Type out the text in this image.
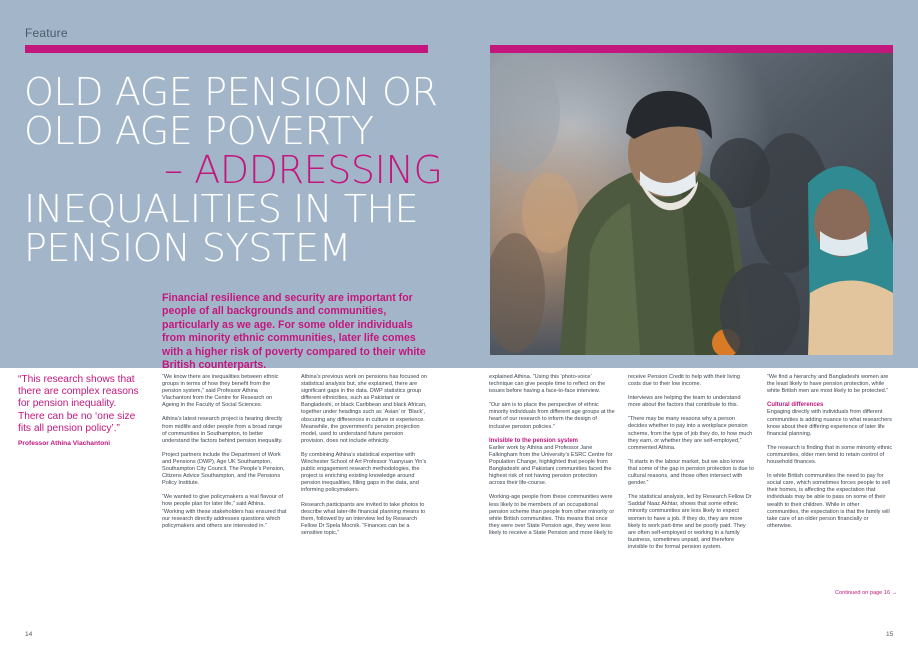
Feature
OLD AGE PENSION OR
OLD AGE POVERTY
– ADDRESSING
INEQUALITIES IN THE
PENSION SYSTEM

Financial resilience and security are important for people of all backgrounds and communities, particularly as we age. For some older individuals from minority ethnic communities, later life comes with a higher risk of poverty compared to their white British counterparts.

“This research shows that there are complex reasons for pension inequality. There can be no ‘one size fits all pension policy’.”

Professor Athina Vlachantoni

“We know there are inequalities between ethnic groups in terms of how they benefit from the pension system,” said Professor Athina Vlachantoni from the Centre for Research on Ageing in the Faculty of Social Sciences.

Athina’s latest research project is hearing directly from midlife and older people from a broad range of communities in Southampton, to better understand the factors behind pension inequality.

Project partners include the Department of Work and Pensions (DWP), Age UK Southampton, Southampton City Council, The People’s Pension, Citizens Advice Southampton, and the Pensions Policy Institute.

“We wanted to give policymakers a real flavour of how people plan for later life,” said Athina. “Working with these stakeholders has ensured that our research directly addresses questions which policymakers and others are interested in.”

Athina’s previous work on pensions has focused on statistical analysis but, she explained, there are significant gaps in the data. DWP statistics group different ethnicities, such as Pakistani or Bangladeshi, or black Caribbean and black African, together under headings such as ‘Asian’ or ‘Black’, obscuring any differences in culture or experience. Meanwhile, the government’s pension projection model, used to understand future pension provision, does not include ethnicity.

By combining Athina’s statistical expertise with Winchester School of Art Professor Yuanyuan Yin’s public engagement research methodologies, the project is enriching existing knowledge around pension inequalities, filling gaps in the data, and informing policymakers.

Research participants are invited to take photos to describe what later-life financial planning means to them, followed by an interview led by Research Fellow Dr Spela Mocnik. “Finances can be a sensitive topic,”

explained Athina. “Using this ‘photo-voice’ technique can give people time to reflect on the issues before having a face-to-face interview.

“Our aim is to place the perspective of ethnic minority individuals from different age groups at the heart of our research to inform the design of inclusive pension policies.”

Invisible to the pension system

Earlier work by Athina and Professor Jane Falkingham from the University’s ESRC Centre for Population Change, highlighted that people from Bangladeshi and Pakistani communities faced the highest risk of not having pension protection across their life-course.

Working-age people from these communities were less likely to be members of an occupational pension scheme than people from other minority or white British communities. This means that once they were over State Pension age, they were less likely to receive a State Pension and more likely to

receive Pension Credit to help with their living costs due to their low income.

Interviews are helping the team to understand more about the factors that contribute to this.

“There may be many reasons why a person decides whether to pay into a workplace pension scheme, from the type of job they do, to how much they earn, or whether they are self-employed,” commented Athina.

“It starts in the labour market, but we also know that some of the gap in pension protection is due to cultural reasons, and those often intersect with gender.”

The statistical analysis, led by Research Fellow Dr Saddaf Naaz Akhtar, shows that some ethnic minority communities are less likely to expect women to have a job. If they do, they are more likely to work part-time and be poorly paid. They are often self-employed or working in a family business, sometimes unpaid, and therefore invisible to the formal pension system.

“We find a hierarchy and Bangladeshi women are the least likely to have pension protection, while white British men are most likely to be protected.”

Cultural differences

Engaging directly with individuals from different communities is adding nuance to what researchers know about their differing experience of later life financial planning.

The research is finding that in some minority ethnic communities, older men tend to retain control of household finances.

In white British communities the need to pay for social care, which sometimes forces people to sell their homes, is affecting the expectation that individuals may be able to pass on some of their wealth to their children. While in other communities, the expectation is that the family will take care of an older person financially or otherwise.

Continued on page 16 →
14	15
